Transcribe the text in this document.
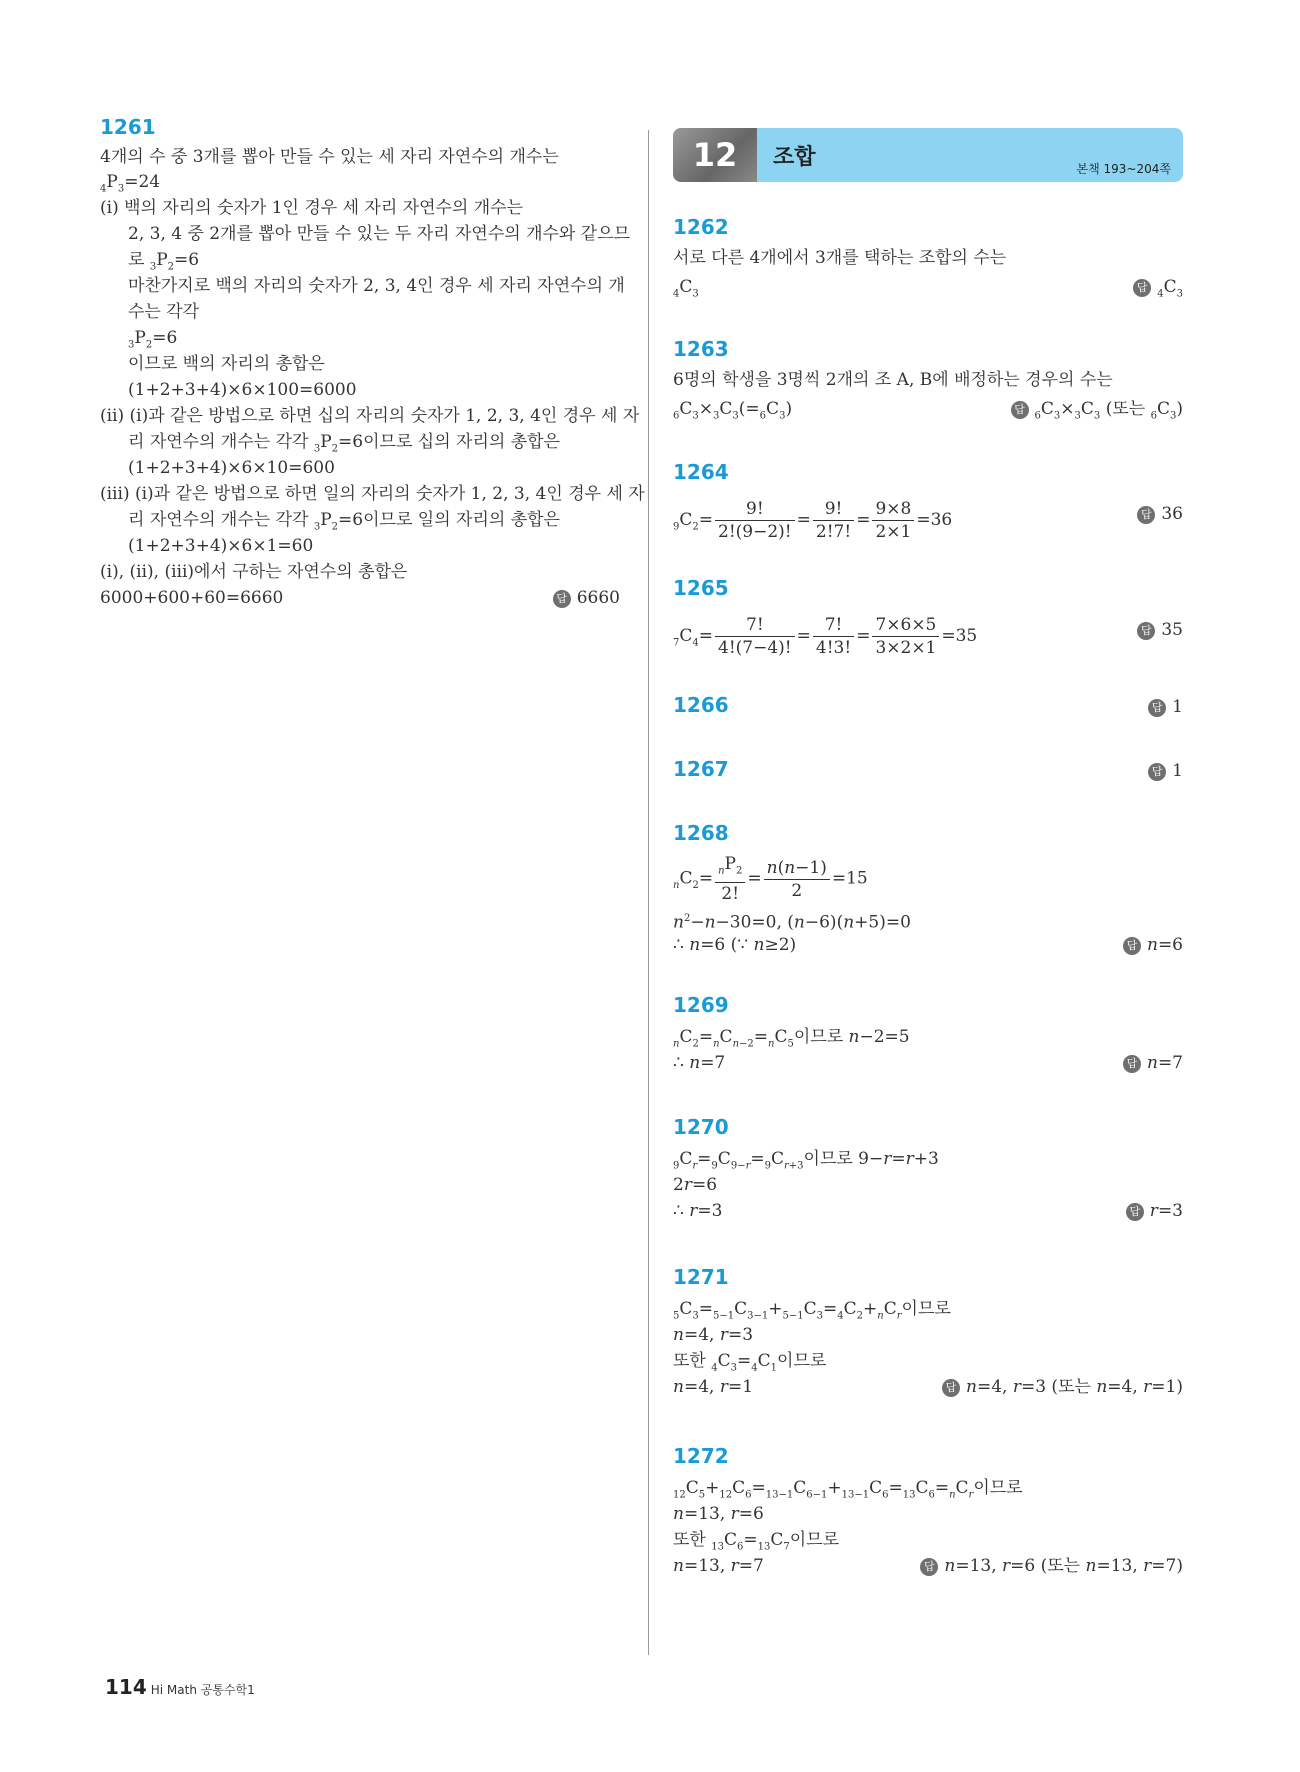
1261
4개의 수 중 3개를 뽑아 만들 수 있는 세 자리 자연수의 개수는
$_4P_3=24$
(ⅰ) 백의 자리의 숫자가 1인 경우 세 자리 자연수의 개수는
2, 3, 4 중 2개를 뽑아 만들 수 있는 두 자리 자연수의 개수와 같으므
로 $_3P_2=6$
마찬가지로 백의 자리의 숫자가 2, 3, 4인 경우 세 자리 자연수의 개
수는 각각
$_3P_2=6$
이므로 백의 자리의 총합은
(1+2+3+4)×6×100=6000
(ⅱ) (ⅰ)과 같은 방법으로 하면 십의 자리의 숫자가 1, 2, 3, 4인 경우 세 자
리 자연수의 개수는 각각 $_3P_2=6$이므로 십의 자리의 총합은
(1+2+3+4)×6×10=600
(ⅲ) (ⅰ)과 같은 방법으로 하면 일의 자리의 숫자가 1, 2, 3, 4인 경우 세 자
리 자연수의 개수는 각각 $_3P_2=6$이므로 일의 자리의 총합은
(1+2+3+4)×6×1=60
(ⅰ), (ⅱ), (ⅲ)에서 구하는 자연수의 총합은
6000+600+60=6660	답 6660
12	조합	본책 193~204쪽
1262
서로 다른 4개에서 3개를 택하는 조합의 수는
$_4C_3$
답$_4C_3$
1263
6명의 학생을 3명씩 2개의 조 A, B에 배정하는 경우의 수는
$_6C_3\times_3C_3(=_6C_3)$	답$_6C_3\times_3C_3$ (또는 $_6C_3$)
1264
$_9C_2= \frac{9!}{2!(9-2)!} = \frac{9!}{2!7!} = \frac{9\times 8}{2\times 1} =36$	답 36
1265
$_7C_4= \frac{7!}{4!(7-4)!} = \frac{7!}{4!3!} = \frac{7\times 6\times 5}{3\times 2\times 1} =35$	답 35
1266	답 1
1267	답 1
1268
$_nC_2= \frac{_nP_2}{2!} = \frac{n(n-1)}{2} =15$
$n^2-n-30=0$, (n−6)(n+5)=0
∴ n=6 (∵ n≥2)	답 n=6
1269
$_nC_2=_nC_{n-2}=_nC_5$이므로 n−2=5
∴ n=7	답 n=7
1270
$_9C_r=_9C_{9-r}=_9C_{r+3}$이므로 9−r=r+3
2r=6
∴ r=3	답 r=3
1271
$_5C_3=_{5-1}C_{3-1}+_{5-1}C_3=_4C_2+_nC_r$이므로
n=4, r=3
또한 $_4C_3=_4C_1$이므로
n=4, r=1	답 n=4, r=3 (또는 n=4, r=1)
1272
$_{12}C_5+_{12}C_6=_{13-1}C_{6-1}+_{13-1}C_6=_{13}C_6=_nC_r$이므로
n=13, r=6
또한 $_{13}C_6=_{13}C_7$이므로
n=13, r=7	답 n=13, r=6 (또는 n=13, r=7)
114 Hi Math 공통수학1
